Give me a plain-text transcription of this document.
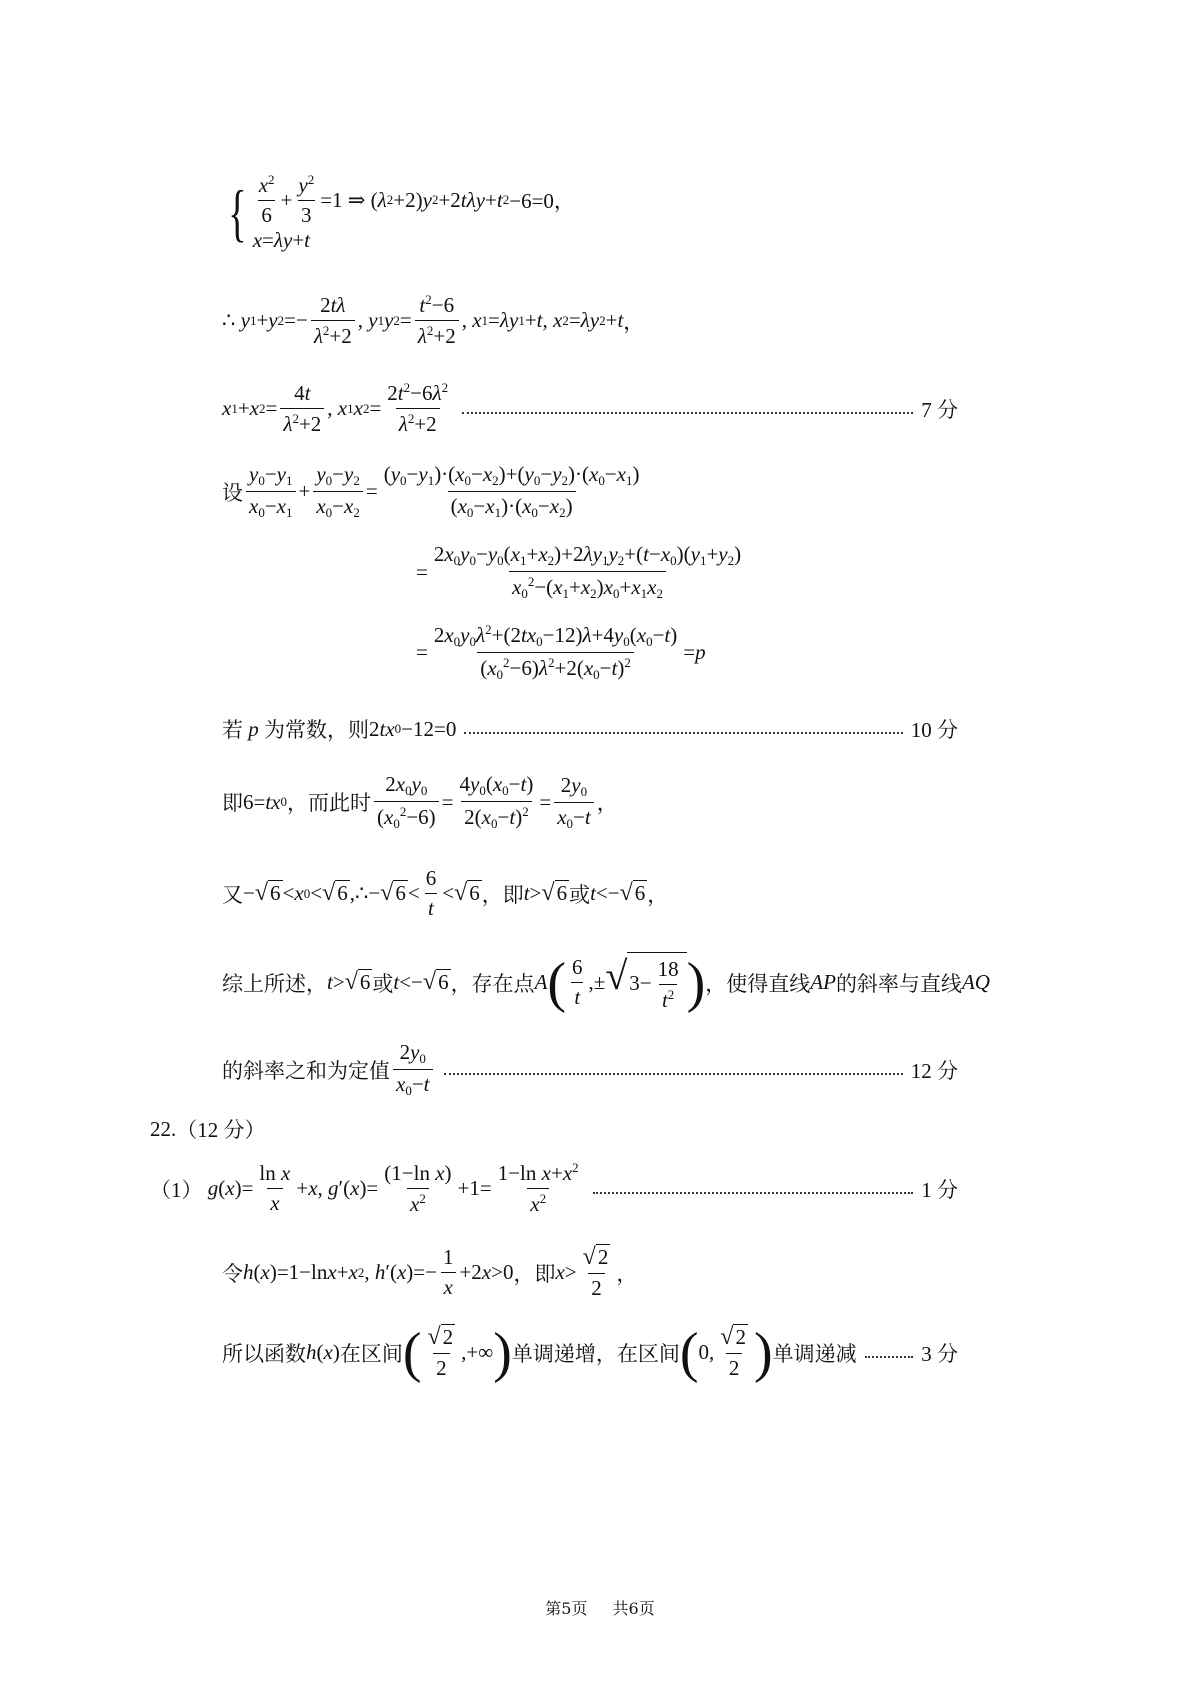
{ $\frac{x^2}{6} + \frac{y^2}{3} =1$ ⇒ ( λ 2 +2) y 2 +2 tλy + t 2 −6=0，
x=λy+t
∴
y 1 + y $2 =- \frac{2t\lambda}{\lambda^2+2}$ , y 1 y $2 = \frac{t^2-6}{\lambda^2+2}$ , x 1 = λy 1 + t , x 2 = λy 2 + t ，
x 1 + x $2 = \frac{4t}{\lambda^2+2}$ , x 1 x $2 = \frac{2t^2-6\lambda^2}{\lambda^2+2}$	7 分
设 $\frac{y_0-y_1}{x_0-x_1} + \frac{y_0-y_2}{x_0-x_2} = \frac{(y_0-y_1)\cdot(x_0-x_2)+(y_0-y_2)\cdot(x_0-x_1)}{(x_0-x_1)\cdot(x_0-x_2)}$
= $\frac{2x_0y_0-y_0(x_1+x_2)+2\lambda y_1y_2+(t-x_0)(y_1+y_2)}{x_0^2-(x_1+x_2)x_0+x_1x_2}$
= $\frac{2x_0y_0\lambda^2+(2tx_0-12)\lambda+4y_0(x_0-t)}{(x_0^2-6)\lambda^2+2(x_0-t)^2} = p$
若
p
为常数，则 2 tx 0 −12=0	10 分
即 6= tx 0 ，而此时 $\frac{2x_0y_0}{(x_0^2-6)} = \frac{4y_0(x_0-t)}{2(x_0-t)^2} = \frac{2y_0}{x_0-t}$ ，
又 − √ 6 < x 0 < √ 6 ,∴− √ $6 < \frac{6}{t}$ < √ 6 ，即 t > √ 6 或 t <− √ 6 ，
综上所述， t > √ 6 或 t <− √ 6 ，存在点 A ( $\frac{6}{t}$ ,± √ $3- \frac{18}{t^2}$ ) ，使得直线 AP 的斜率与直线 AQ
的斜率之和为定值 $\frac{2y_0}{x_0-t}$	12 分
22. （12 分）
（1）
g ( x )= $\frac{\text{ln x}}{x} + x$ , g ′( x )= $\frac{\text{(1−ln x)}}{x^2} +1= \frac{1-\ln x+x^2}{x^2}$	1 分
令 h ( x )=1−ln x + x 2 , h ′( x )=− $\frac{1}{x} +2$ x >0 ，即 $x > \frac{√ 2}{2}$ ，
所以函数 h ( x ) 在区间 ( $\frac{√ 2}{2}$ ,+∞ ) 单调递增，在区间 ( 0, $\frac{√ 2}{2}$ ) 单调递减	3 分
第5页 共6页
